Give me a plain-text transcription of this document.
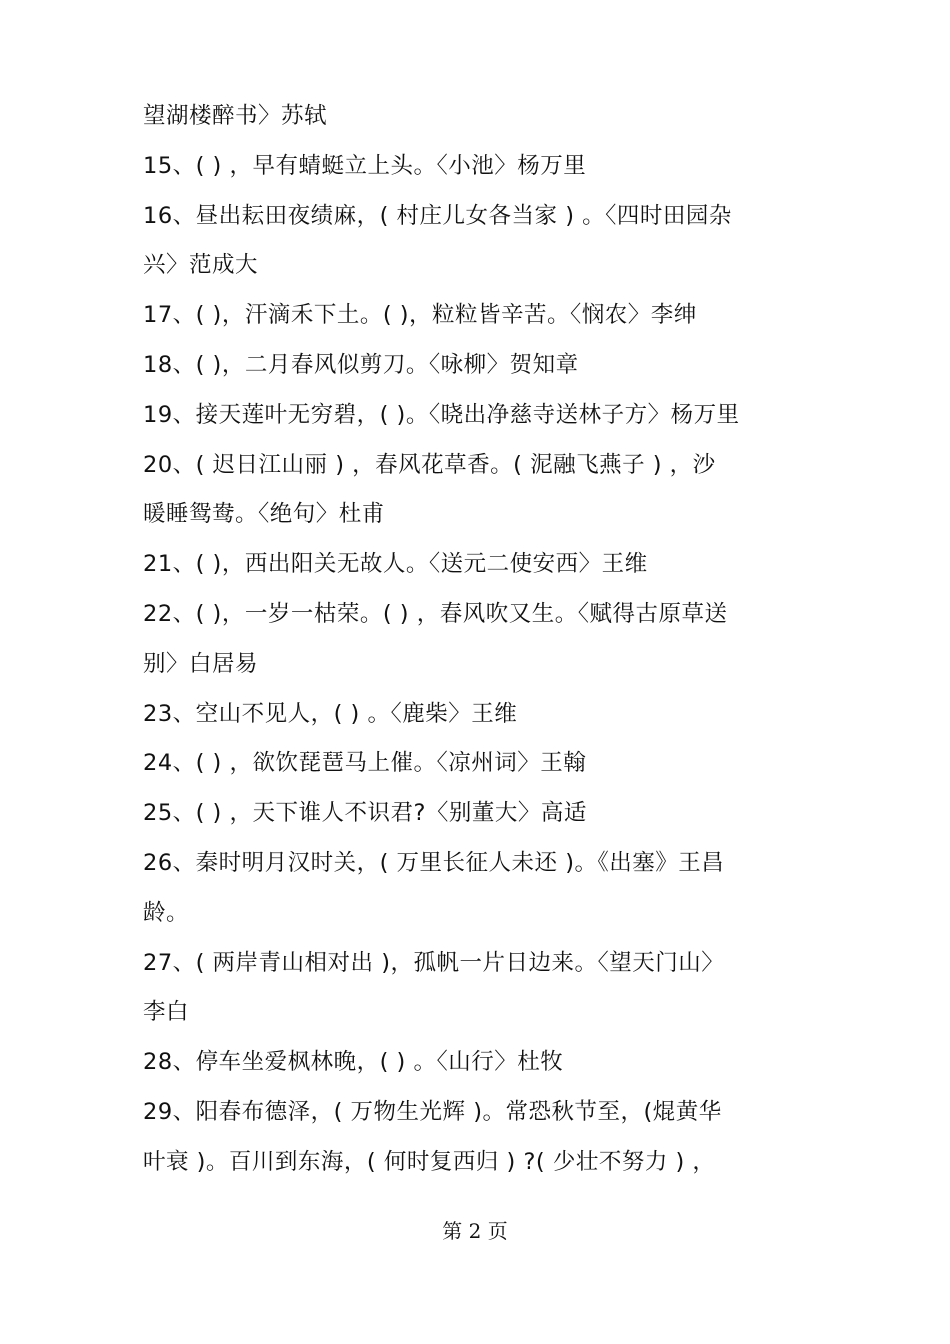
望湖楼醉书〉苏轼
15、( ) ，早有蜻蜓立上头。〈小池〉杨万里
16、昼出耘田夜绩麻，( 村庄儿女各当家 ) 。〈四时田园杂
兴〉范成大
17、( )，汗滴禾下土。( )，粒粒皆辛苦。〈悯农〉李绅
18、( )，二月春风似剪刀。〈咏柳〉贺知章
19、接天莲叶无穷碧，( )。〈晓出净慈寺送林子方〉杨万里
20、( 迟日江山丽 ) ，春风花草香。( 泥融飞燕子 ) ，沙
暖睡鸳鸯。〈绝句〉杜甫
21、( )，西出阳关无故人。〈送元二使安西〉王维
22、( )，一岁一枯荣。( ) ，春风吹又生。〈赋得古原草送
别〉白居易
23、空山不见人，( ) 。〈鹿柴〉王维
24、( ) ，欲饮琵琶马上催。〈凉州词〉王翰
25、( ) ，天下谁人不识君?〈别董大〉高适
26、秦时明月汉时关，( 万里长征人未还 )。《出塞》王昌
龄。
27、( 两岸青山相对出 )，孤帆一片日边来。〈望天门山〉
李白
28、停车坐爱枫林晚，( ) 。〈山行〉杜牧
29、阳春布德泽，( 万物生光辉 )。常恐秋节至，(焜黄华
叶衰 )。百川到东海，( 何时复西归 ) ?( 少壮不努力 ) ，
第 2 页
